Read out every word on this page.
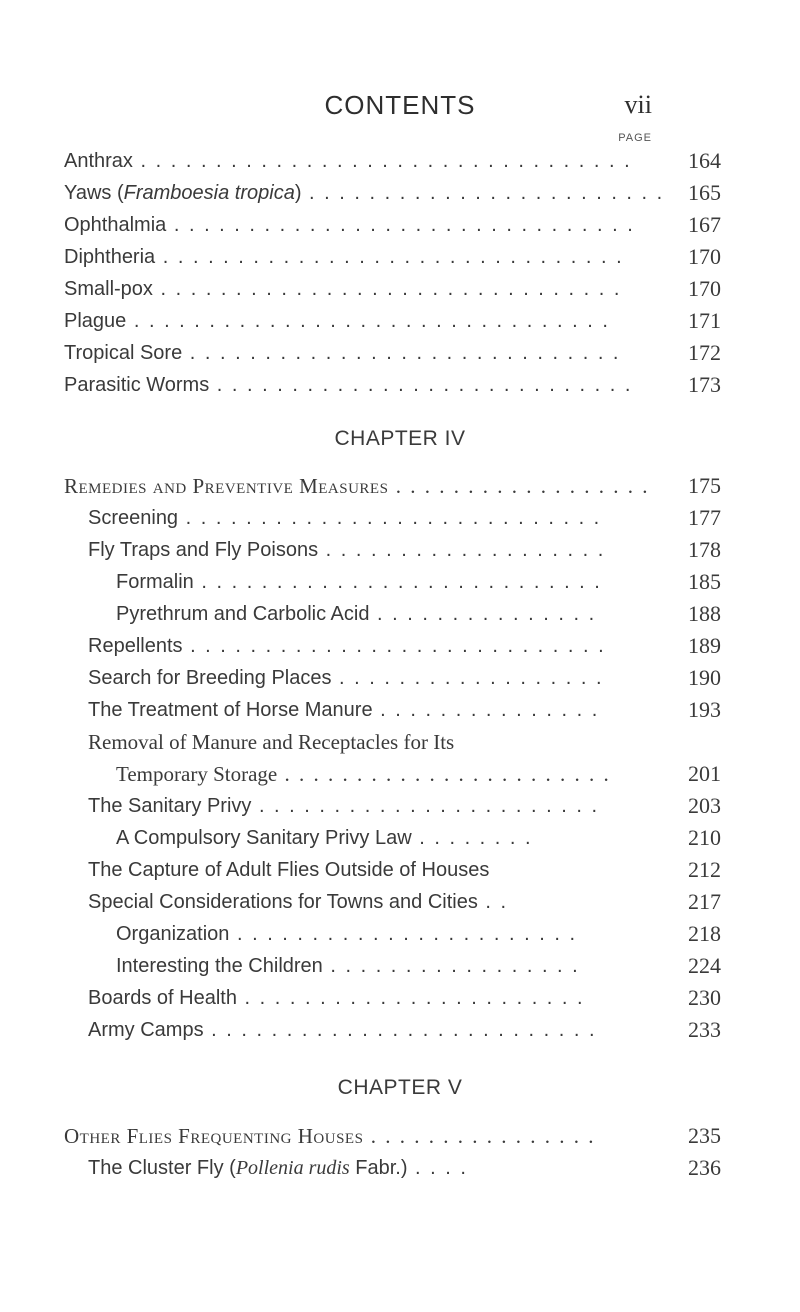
CONTENTS	vii
PAGE
Anthrax . . . . . . . . . . . . . . . . . . . . . . . . . . . . . . . . .	164
Yaws (Framboesia tropica) . . . . . . . . . . . . . . . . . . . . . . . . 165
Ophthalmia . . . . . . . . . . . . . . . . . . . . . . . . . . . . . . . 167
Diphtheria . . . . . . . . . . . . . . . . . . . . . . . . . . . . . . .	170
Small-pox . . . . . . . . . . . . . . . . . . . . . . . . . . . . . . .	170
Plague . . . . . . . . . . . . . . . . . . . . . . . . . . . . . . . .	171
Tropical Sore . . . . . . . . . . . . . . . . . . . . . . . . . . . . .	172
Parasitic Worms . . . . . . . . . . . . . . . . . . . . . . . . . . . .	173
CHAPTER IV
Remedies and Preventive Measures . . . . . . . . . . . . . . . . . . 175
Screening . . . . . . . . . . . . . . . . . . . . . . . . . . . .	177
Fly Traps and Fly Poisons . . . . . . . . . . . . . . . . . . .	178
Formalin . . . . . . . . . . . . . . . . . . . . . . . . . . .	185
Pyrethrum and Carbolic Acid . . . . . . . . . . . . . . .	188
Repellents . . . . . . . . . . . . . . . . . . . . . . . . . . . .	189
Search for Breeding Places . . . . . . . . . . . . . . . . . .	190
The Treatment of Horse Manure . . . . . . . . . . . . . . .	193
Removal of Manure and Receptacles for Its
Temporary Storage . . . . . . . . . . . . . . . . . . . . . . .	201
The Sanitary Privy . . . . . . . . . . . . . . . . . . . . . . .	203
A Compulsory Sanitary Privy Law . . . . . . . .	210
The Capture of Adult Flies Outside of Houses	212
Special Considerations for Towns and Cities . .	217
Organization . . . . . . . . . . . . . . . . . . . . . . .	218
Interesting the Children . . . . . . . . . . . . . . . . .	224
Boards of Health . . . . . . . . . . . . . . . . . . . . . . .	230
Army Camps . . . . . . . . . . . . . . . . . . . . . . . . . .	233
CHAPTER V
Other Flies Frequenting Houses . . . . . . . . . . . . . . . .	235
The Cluster Fly (Pollenia rudis Fabr.) . . . .	236
